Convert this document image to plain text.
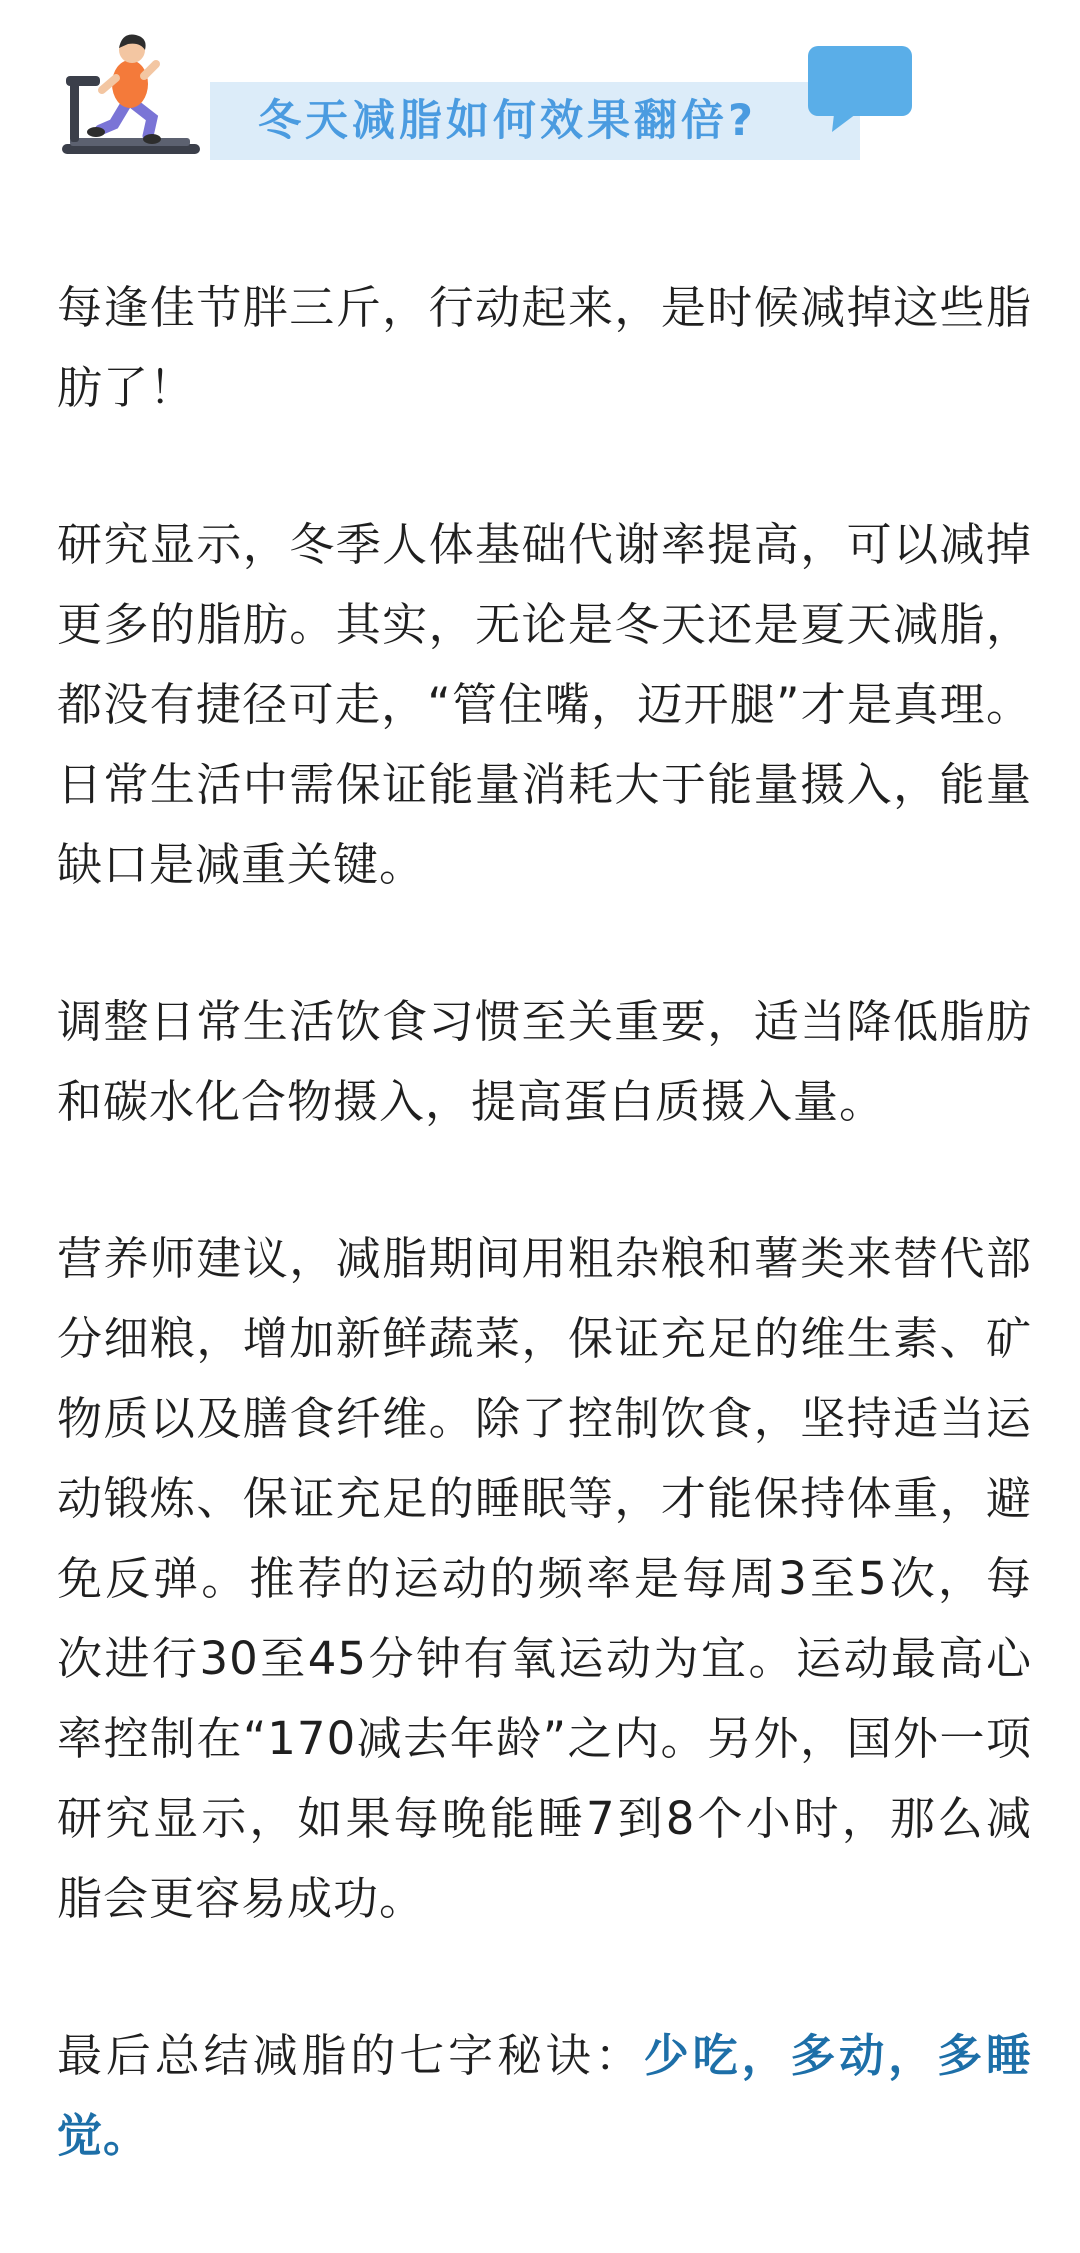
冬天减脂如何效果翻倍?

每逢佳节胖三斤，行动起来，是时候减掉这些脂肪了！

研究显示，冬季人体基础代谢率提高，可以减掉更多的脂肪。其实，无论是冬天还是夏天减脂，都没有捷径可走，“管住嘴，迈开腿”才是真理。日常生活中需保证能量消耗大于能量摄入，能量缺口是减重关键。

调整日常生活饮食习惯至关重要，适当降低脂肪和碳水化合物摄入，提高蛋白质摄入量。

营养师建议，减脂期间用粗杂粮和薯类来替代部分细粮，增加新鲜蔬菜，保证充足的维生素、矿物质以及膳食纤维。除了控制饮食，坚持适当运动锻炼、保证充足的睡眠等，才能保持体重，避免反弹。推荐的运动的频率是每周3至5次，每次进行30至45分钟有氧运动为宜。运动最高心率控制在“170减去年龄”之内。另外，国外一项研究显示，如果每晚能睡7到8个小时，那么减脂会更容易成功。

最后总结减脂的七字秘诀：少吃，多动，多睡觉。
